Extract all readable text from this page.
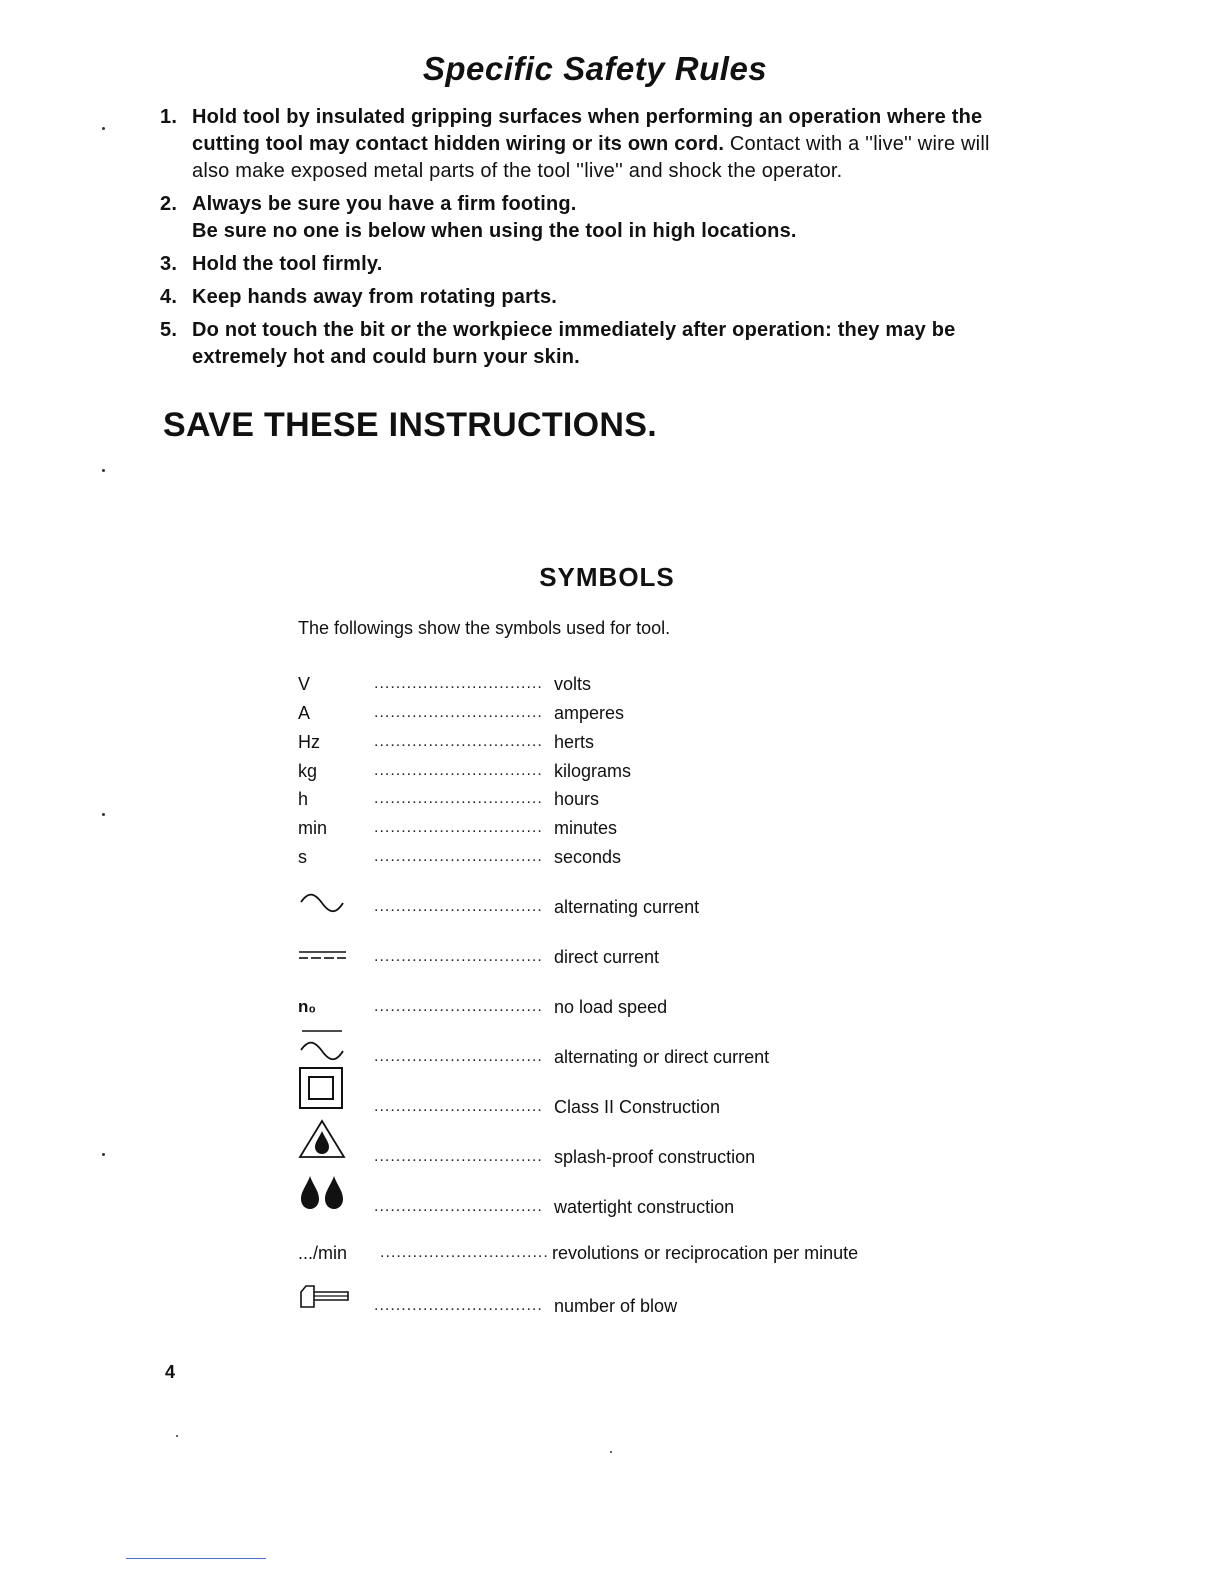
Specific Safety Rules
1. Hold tool by insulated gripping surfaces when performing an operation where the cutting tool may contact hidden wiring or its own cord. Contact with a ''live'' wire will also make exposed metal parts of the tool ''live'' and shock the operator.
2. Always be sure you have a firm footing.
Be sure no one is below when using the tool in high locations.
3. Hold the tool firmly.
4. Keep hands away from rotating parts.
5. Do not touch the bit or the workpiece immediately after operation: they may be extremely hot and could burn your skin.
SAVE THESE INSTRUCTIONS.
SYMBOLS
The followings show the symbols used for tool.
V	............................... volts
A	............................... amperes
Hz	............................... herts
kg	............................... kilograms
h	............................... hours
min	............................... minutes
s	............................... seconds
............................... alternating current
............................... direct current
n₀	............................... no load speed
............................... alternating or direct current
............................... Class II Construction
............................... splash-proof construction
............................... watertight construction
.../min ............................... revolutions or reciprocation per minute
............................... number of blow
4
